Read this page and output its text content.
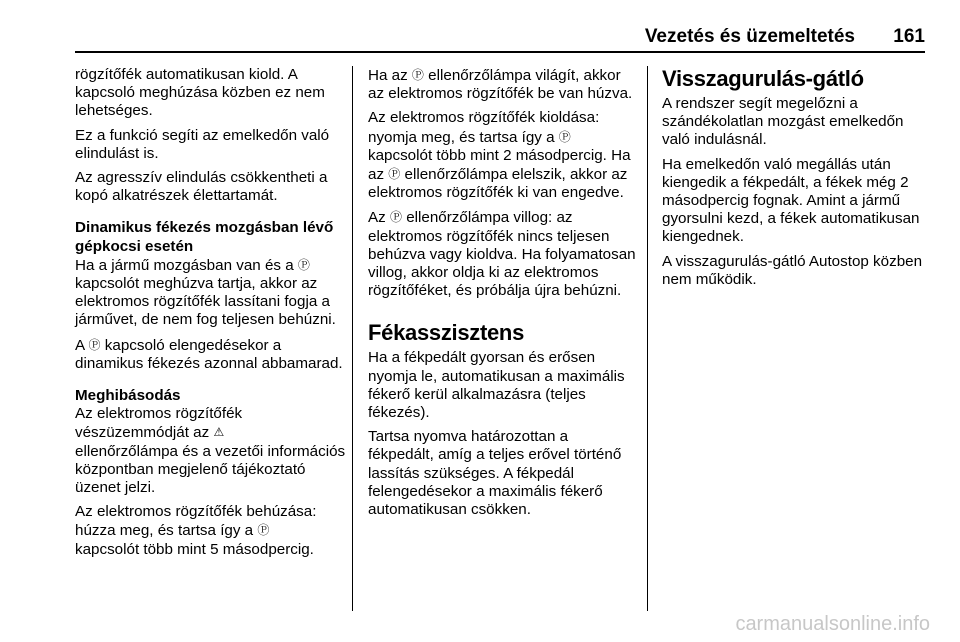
Vezetés és üzemeltetés 161

rögzítőfék automatikusan kiold. A kapcsoló meghúzása közben ez nem lehetséges.

Ez a funkció segíti az emelkedőn való elindulást is.

Az agresszív elindulás csökkentheti a kopó alkatrészek élettartamát.

Dinamikus fékezés mozgásban lévő gépkocsi esetén

Ha a jármű mozgásban van és a Ⓟ
kapcsolót meghúzva tartja, akkor az elektromos rögzítőfék lassítani fogja a járművet, de nem fog teljesen behúzni.

A Ⓟ kapcsoló elengedésekor a dinamikus fékezés azonnal abbamarad.

Meghibásodás

Az elektromos rögzítőfék vészüzemmódját az ⚠
ellenőrzőlámpa és a vezetői információs központban megjelenő tájékoztató üzenet jelzi.

Az elektromos rögzítőfék behúzása: húzza meg, és tartsa így a Ⓟ
kapcsolót több mint 5 másodpercig.

Ha az Ⓟ ellenőrzőlámpa világít, akkor az elektromos rögzítőfék be van húzva.

Az elektromos rögzítőfék kioldása: nyomja meg, és tartsa így a Ⓟ kapcsolót több mint 2 másodpercig. Ha az Ⓟ ellenőrzőlámpa elelszik, akkor az elektromos rögzítőfék ki van engedve.

Az Ⓟ ellenőrzőlámpa villog: az elektromos rögzítőfék nincs teljesen behúzva vagy kioldva. Ha folyamatosan villog, akkor oldja ki az elektromos rögzítőféket, és próbálja újra behúzni.

Fékasszisztens

Ha a fékpedált gyorsan és erősen nyomja le, automatikusan a maximális fékerő kerül alkalmazásra (teljes fékezés).

Tartsa nyomva határozottan a fékpedált, amíg a teljes erővel történő lassítás szükséges. A fékpedál felengedésekor a maximális fékerő automatikusan csökken.

Visszagurulás-gátló

A rendszer segít megelőzni a szándékolatlan mozgást emelkedőn való indulásnál.

Ha emelkedőn való megállás után kiengedik a fékpedált, a fékek még 2 másodpercig fognak. Amint a jármű gyorsulni kezd, a fékek automatikusan kiengednek.

A visszagurulás-gátló Autostop közben nem működik.

carmanualsonline.info
